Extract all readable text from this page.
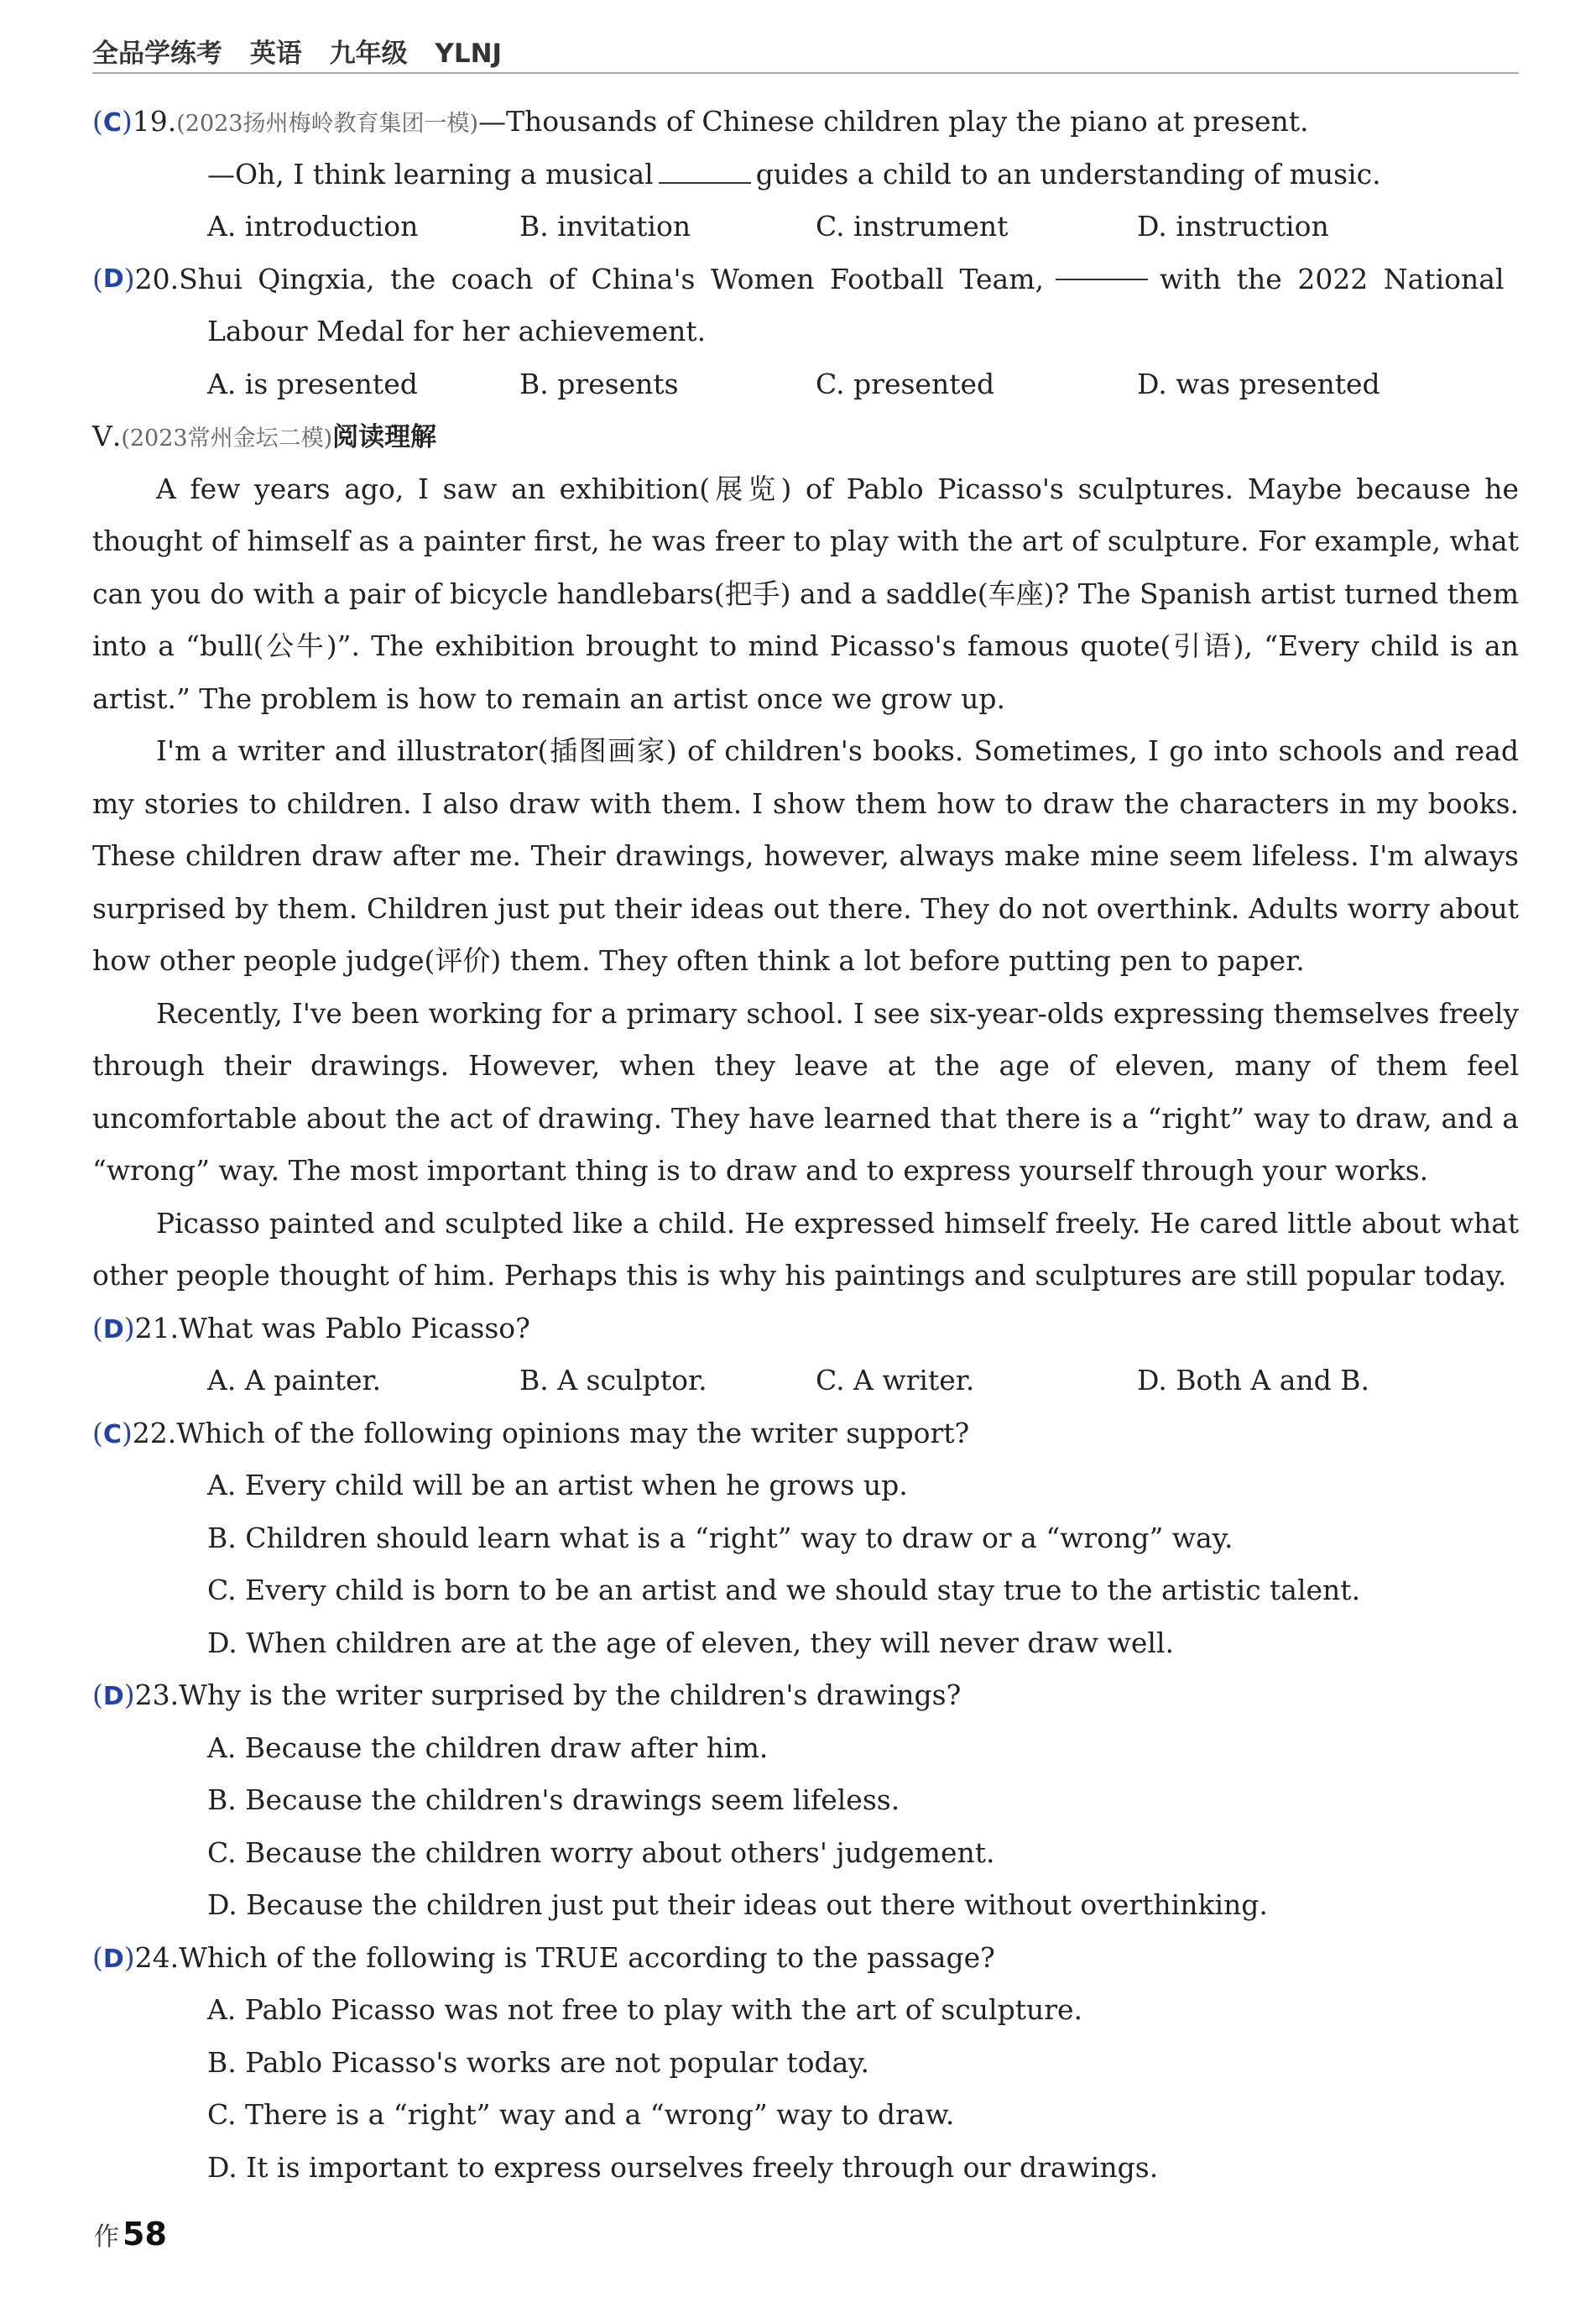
全品学练考 英语 九年级 YLNJ
(C)19.(2023扬州梅岭教育集团一模)—Thousands of Chinese children play the piano at present.
—Oh, I think learning a musical	guides a child to an understanding of music.
A. introduction	B. invitation	C. instrument	D. instruction
( D ) 20. Shui Qingxia, the coach of China's Women Football Team,	with the 2022 National
Labour Medal for her achievement.
A. is presented	B. presents	C. presented	D. was presented
Ⅴ.(2023常州金坛二模)阅读理解
A few years ago, I saw an exhibition(展览) of Pablo Picasso's sculptures. Maybe because he
thought of himself as a painter first, he was freer to play with the art of sculpture. For example, what
can you do with a pair of bicycle handlebars(把手) and a saddle(车座)? The Spanish artist turned them
into a “bull(公牛)”. The exhibition brought to mind Picasso's famous quote(引语), “Every child is an
artist.” The problem is how to remain an artist once we grow up.
I'm a writer and illustrator(插图画家) of children's books. Sometimes, I go into schools and read
my stories to children. I also draw with them. I show them how to draw the characters in my books.
These children draw after me. Their drawings, however, always make mine seem lifeless. I'm always
surprised by them. Children just put their ideas out there. They do not overthink. Adults worry about
how other people judge(评价) them. They often think a lot before putting pen to paper.
Recently, I've been working for a primary school. I see six-year-olds expressing themselves freely
through their drawings. However, when they leave at the age of eleven, many of them feel
uncomfortable about the act of drawing. They have learned that there is a “right” way to draw, and a
“wrong” way. The most important thing is to draw and to express yourself through your works.
Picasso painted and sculpted like a child. He expressed himself freely. He cared little about what
other people thought of him. Perhaps this is why his paintings and sculptures are still popular today.
(D)21.What was Pablo Picasso?
A. A painter.	B. A sculptor.	C. A writer.	D. Both A and B.
(C)22.Which of the following opinions may the writer support?
A. Every child will be an artist when he grows up.
B. Children should learn what is a “right” way to draw or a “wrong” way.
C. Every child is born to be an artist and we should stay true to the artistic talent.
D. When children are at the age of eleven, they will never draw well.
(D)23.Why is the writer surprised by the children's drawings?
A. Because the children draw after him.
B. Because the children's drawings seem lifeless.
C. Because the children worry about others' judgement.
D. Because the children just put their ideas out there without overthinking.
(D)24.Which of the following is TRUE according to the passage?
A. Pablo Picasso was not free to play with the art of sculpture.
B. Pablo Picasso's works are not popular today.
C. There is a “right” way and a “wrong” way to draw.
D. It is important to express ourselves freely through our drawings.
作 58
